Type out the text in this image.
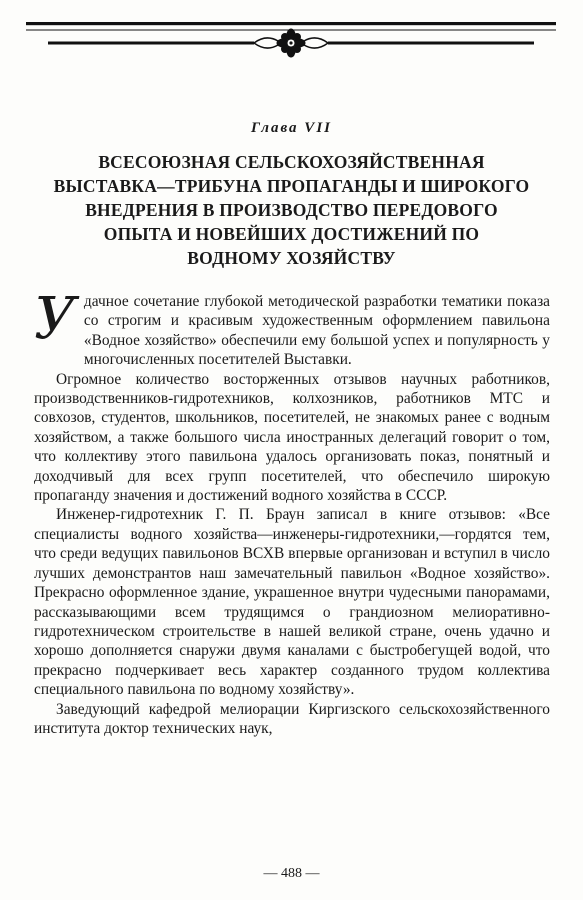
Глава VII
ВСЕСОЮЗНАЯ СЕЛЬСКОХОЗЯЙСТВЕННАЯ
ВЫСТАВКА—ТРИБУНА ПРОПАГАНДЫ И ШИРОКОГО
ВНЕДРЕНИЯ В ПРОИЗВОДСТВО ПЕРЕДОВОГО
ОПЫТА И НОВЕЙШИХ ДОСТИЖЕНИЙ ПО
ВОДНОМУ ХОЗЯЙСТВУ

У дачное сочетание глубокой методической разработки тематики показа со строгим и красивым художественным оформлением павильона «Водное хозяйство» обеспечили ему большой успех и популярность у многочисленных посетителей Выставки.

Огромное количество восторженных отзывов научных работников, производственников-гидротехников, колхозников, работников МТС и совхозов, студентов, школьников, посетителей, не знакомых ранее с водным хозяйством, а также большого числа иностранных делегаций говорит о том, что коллективу этого павильона удалось организовать показ, понятный и доходчивый для всех групп посетителей, что обеспечило широкую пропаганду значения и достижений водного хозяйства в СССР.

Инженер-гидротехник Г. П. Браун записал в книге отзывов: «Все специалисты водного хозяйства—инженеры-гидротехники,—гордятся тем, что среди ведущих павильонов ВСХВ впервые организован и вступил в число лучших демонстрантов наш замечательный павильон «Водное хозяйство». Прекрасно оформленное здание, украшенное внутри чудесными панорамами, рассказывающими всем трудящимся о грандиозном мелиоративно-гидротехническом строительстве в нашей великой стране, очень удачно и хорошо дополняется снаружи двумя каналами с быстробегущей водой, что прекрасно подчеркивает весь характер созданного трудом коллектива специального павильона по водному хозяйству».

Заведующий кафедрой мелиорации Киргизского сельскохозяйственного института доктор технических наук,

— 488 —
